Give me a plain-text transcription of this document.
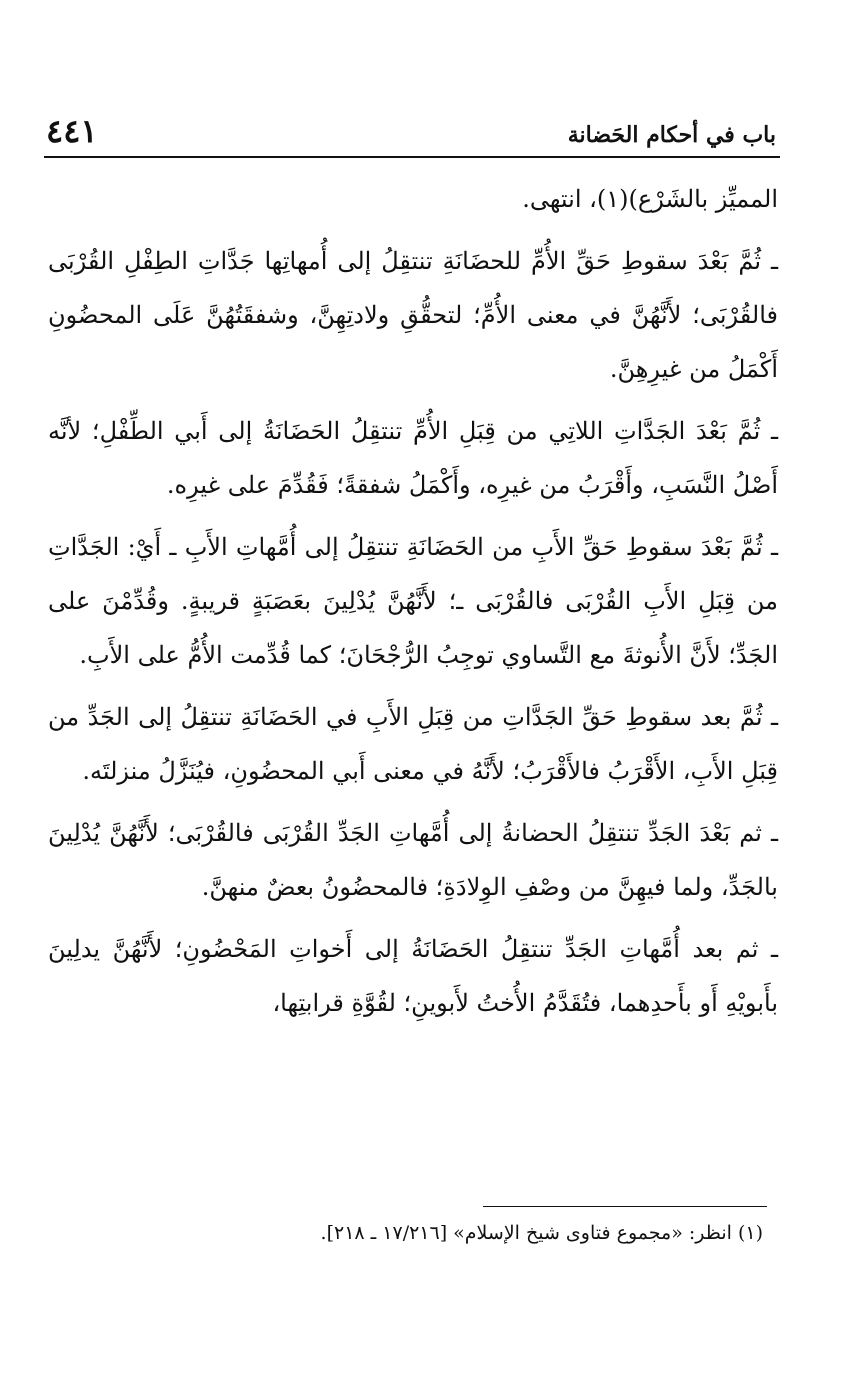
باب في أحكام الحَضانة
٤٤١

المميِّز بالشَرْع)(١)، انتهى.

ـ ثُمَّ بَعْدَ سقوطِ حَقِّ الأُمِّ للحضَانَةِ تنتقِلُ إلى أُمهاتِها جَدَّاتِ الطِفْلِ القُرْبَى فالقُرْبَى؛ لأَنَّهُنَّ في معنى الأُمِّ؛ لتحقُّقِ ولادتِهِنَّ، وشفقَتُهُنَّ عَلَى المحضُونِ أَكْمَلُ من غيرِهِنَّ.

ـ ثُمَّ بَعْدَ الجَدَّاتِ اللاتِي من قِبَلِ الأُمِّ تنتقِلُ الحَضَانَةُ إلى أَبي الطِّفْلِ؛ لأنَّه أَصْلُ النَّسَبِ، وأَقْرَبُ من غيرِه، وأَكْمَلُ شفقةً؛ فَقُدِّمَ على غيرِه.

ـ ثُمَّ بَعْدَ سقوطِ حَقِّ الأَبِ من الحَضَانَةِ تنتقِلُ إلى أُمَّهاتِ الأَبِ ـ أَيْ: الجَدَّاتِ من قِبَلِ الأَبِ القُرْبَى فالقُرْبَى ـ؛ لأَنَّهُنَّ يُدْلِينَ بعَصَبَةٍ قريبةٍ. وقُدِّمْنَ على الجَدِّ؛ لأَنَّ الأُنوثةَ مع التَّساوي توجِبُ الرُّجْحَانَ؛ كما قُدِّمت الأُمُّ على الأَبِ.

ـ ثُمَّ بعد سقوطِ حَقِّ الجَدَّاتِ من قِبَلِ الأَبِ في الحَضَانَةِ تنتقِلُ إلى الجَدِّ من قِبَلِ الأَبِ، الأَقْرَبُ فالأَقْرَبُ؛ لأَنَّهُ في معنى أَبي المحضُونِ، فيُنَزَّلُ منزلتَه.

ـ ثم بَعْدَ الجَدِّ تنتقِلُ الحضانةُ إلى أُمَّهاتِ الجَدِّ القُرْبَى فالقُرْبَى؛ لأَنَّهُنَّ يُدْلِينَ بالجَدِّ، ولما فيهِنَّ من وصْفِ الوِلادَةِ؛ فالمحضُونُ بعضٌ منهنَّ.

ـ ثم بعد أُمَّهاتِ الجَدِّ تنتقِلُ الحَضَانَةُ إلى أَخواتِ المَحْضُونِ؛ لأَنَّهُنَّ يدلِينَ بأَبويْهِ أَو بأَحدِهما، فتُقَدَّمُ الأُختُ لأَبوينِ؛ لقُوَّةِ قرابتِها،

(١) انظر: «مجموع فتاوى شيخ الإسلام» [١٧/٢١٦ ـ ٢١٨].
